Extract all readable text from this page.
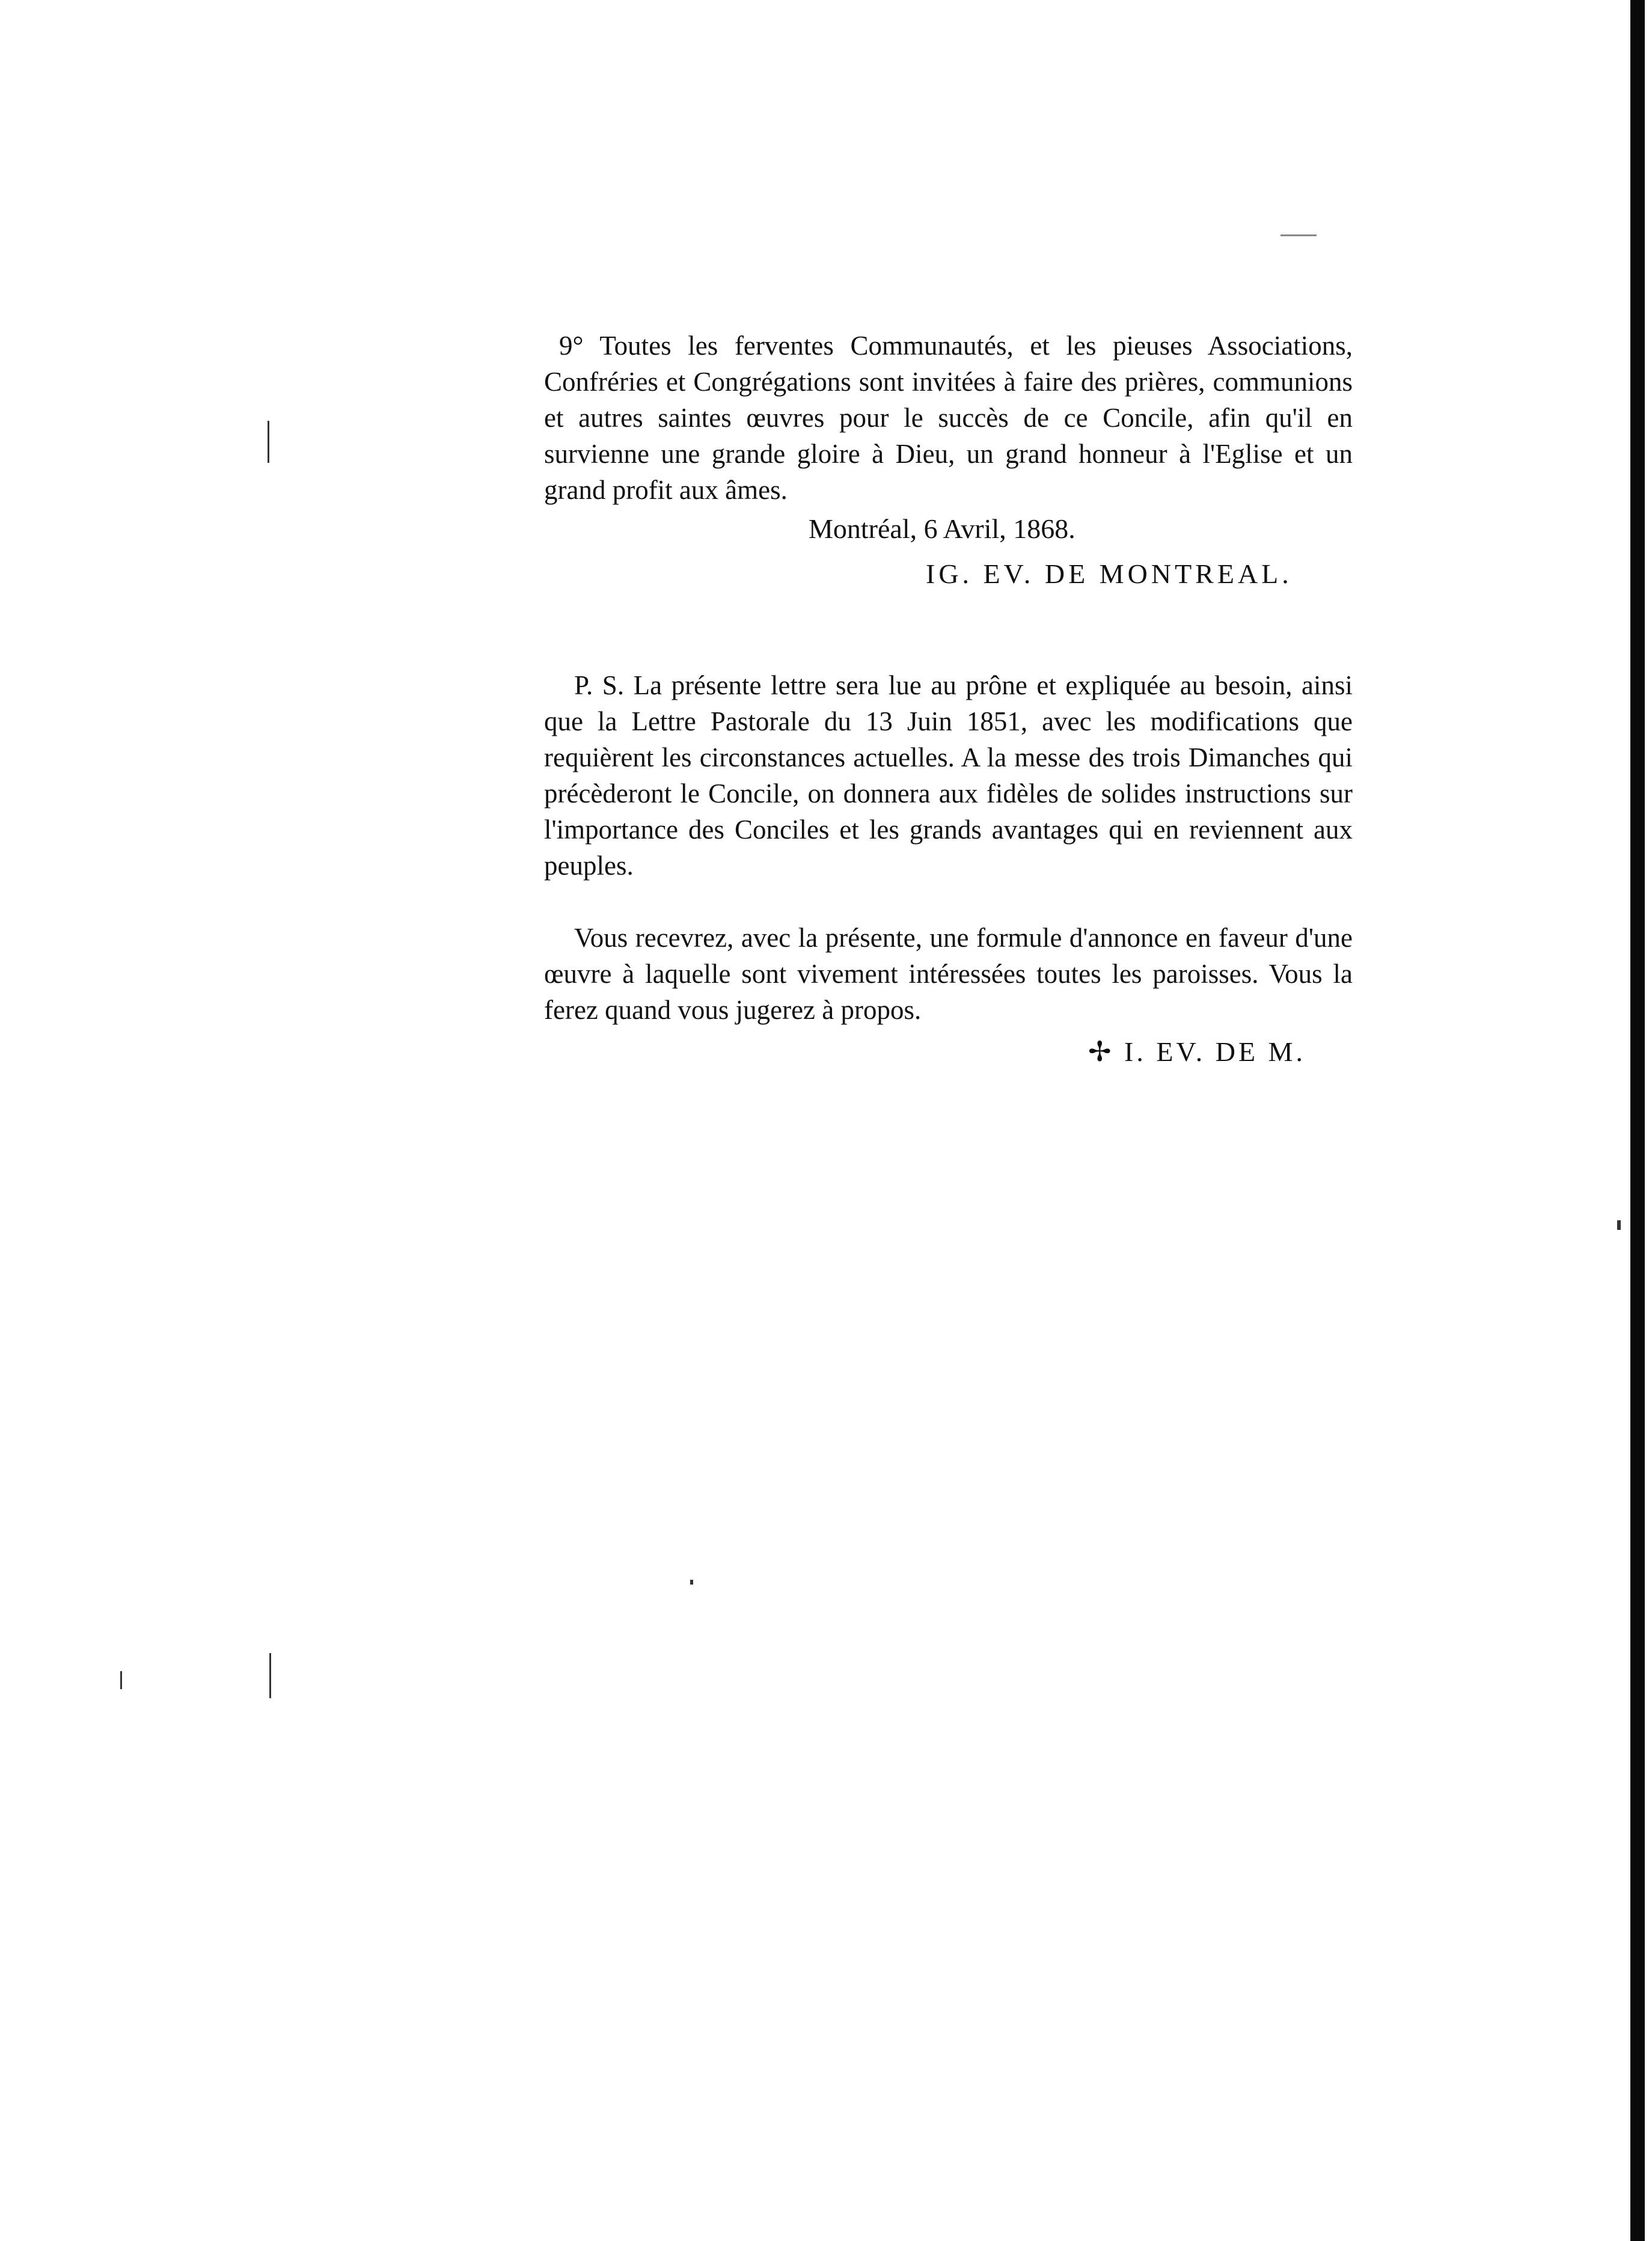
9° Toutes les ferventes Communautés, et les pieuses Associations, Confréries et Congrégations sont invitées à faire des prières, communions et autres saintes œuvres pour le succès de ce Concile, afin qu'il en survienne une grande gloire à Dieu, un grand honneur à l'Eglise et un grand profit aux âmes.

Montréal, 6 Avril, 1868.

IG. EV. DE MONTREAL.

P. S. La présente lettre sera lue au prône et expliquée au besoin, ainsi que la Lettre Pastorale du 13 Juin 1851, avec les modifications que requièrent les circonstances actuelles. A la messe des trois Dimanches qui précèderont le Concile, on donnera aux fidèles de solides instructions sur l'importance des Conciles et les grands avantages qui en reviennent aux peuples.

Vous recevrez, avec la présente, une formule d'annonce en faveur d'une œuvre à laquelle sont vivement intéressées toutes les paroisses. Vous la ferez quand vous jugerez à propos.

✢ I. EV. DE M.
